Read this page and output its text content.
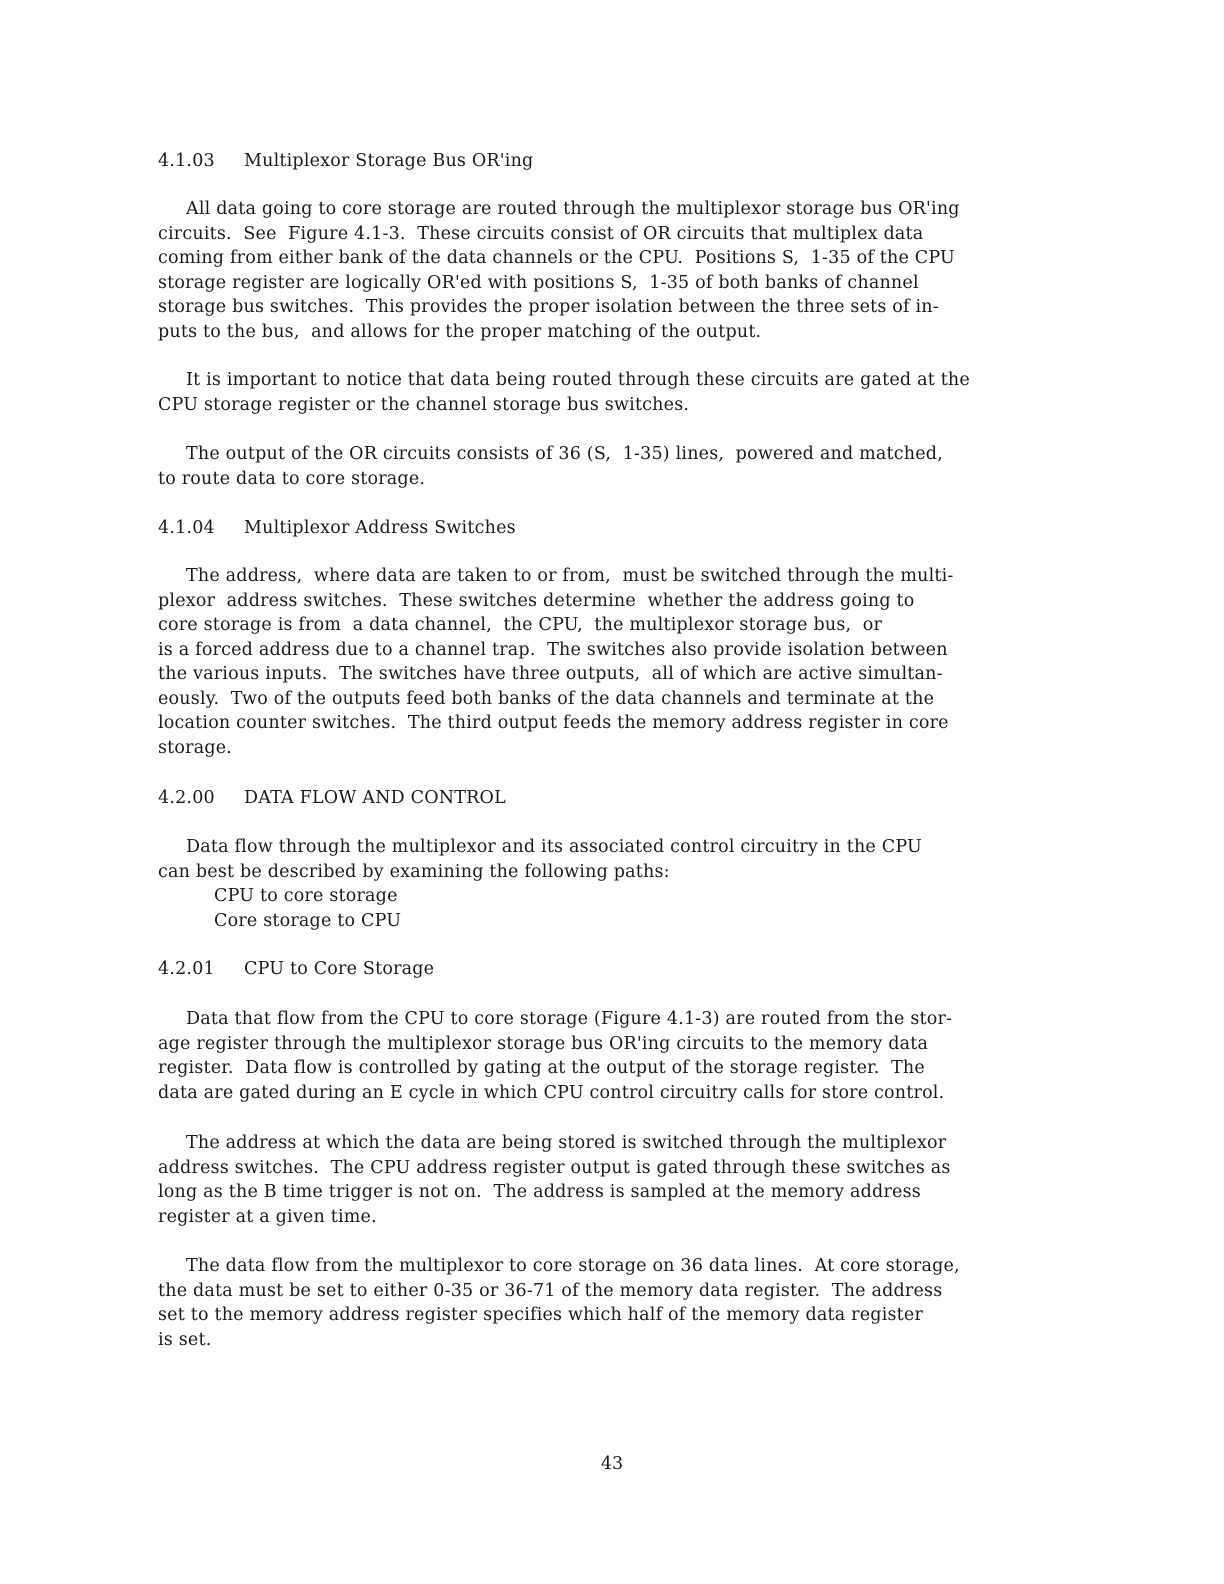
4.1.03 Multiplexor Storage Bus OR'ing
All data going to core storage are routed through the multiplexor storage bus OR'ing
circuits.  See  Figure 4.1-3.  These circuits consist of OR circuits that multiplex data
coming from either bank of the data channels or the CPU.  Positions S,  1-35 of the CPU
storage register are logically OR'ed with positions S,  1-35 of both banks of channel
storage bus switches.  This provides the proper isolation between the three sets of in-
puts to the bus,  and allows for the proper matching of the output.
It is important to notice that data being routed through these circuits are gated at the
CPU storage register or the channel storage bus switches.
The output of the OR circuits consists of 36 (S,  1-35) lines,  powered and matched,
to route data to core storage.
4.1.04 Multiplexor Address Switches
The address,  where data are taken to or from,  must be switched through the multi-
plexor  address switches.  These switches determine  whether the address going to
core storage is from  a data channel,  the CPU,  the multiplexor storage bus,  or
is a forced address due to a channel trap.  The switches also provide isolation between
the various inputs.  The switches have three outputs,  all of which are active simultan-
eously.  Two of the outputs feed both banks of the data channels and terminate at the
location counter switches.  The third output feeds the memory address register in core
storage.
4.2.00 DATA FLOW AND CONTROL
Data flow through the multiplexor and its associated control circuitry in the CPU
can best be described by examining the following paths:
CPU to core storage
Core storage to CPU
4.2.01 CPU to Core Storage
Data that flow from the CPU to core storage (Figure 4.1-3) are routed from the stor-
age register through the multiplexor storage bus OR'ing circuits to the memory data
register.  Data flow is controlled by gating at the output of the storage register.  The
data are gated during an E cycle in which CPU control circuitry calls for store control.
The address at which the data are being stored is switched through the multiplexor
address switches.  The CPU address register output is gated through these switches as
long as the B time trigger is not on.  The address is sampled at the memory address
register at a given time.
The data flow from the multiplexor to core storage on 36 data lines.  At core storage,
the data must be set to either 0-35 or 36-71 of the memory data register.  The address
set to the memory address register specifies which half of the memory data register
is set.
43
